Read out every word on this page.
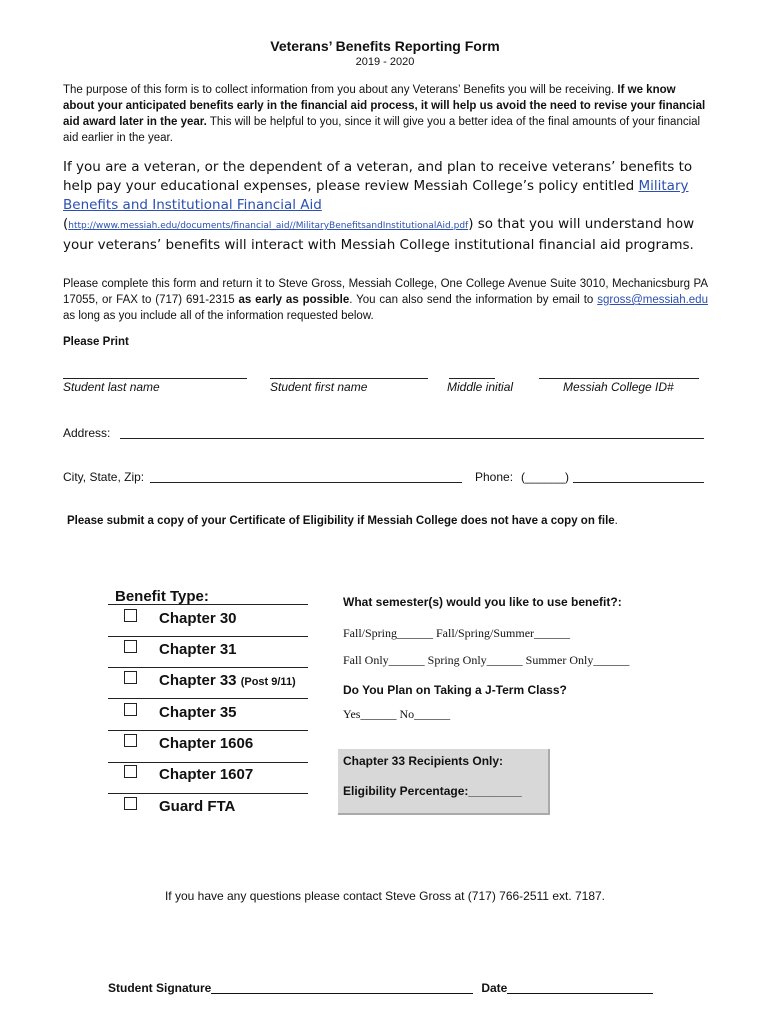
Veterans’ Benefits Reporting Form
2019 - 2020
The purpose of this form is to collect information from you about any Veterans’ Benefits you will be receiving. If we know about your anticipated benefits early in the financial aid process, it will help us avoid the need to revise your financial aid award later in the year. This will be helpful to you, since it will give you a better idea of the final amounts of your financial aid earlier in the year.
If you are a veteran, or the dependent of a veteran, and plan to receive veterans’ benefits to help pay your educational expenses, please review Messiah College’s policy entitled Military Benefits and Institutional Financial Aid (http://www.messiah.edu/documents/financial_aid//MilitaryBenefitsandInstitutionalAid.pdf) so that you will understand how your veterans’ benefits will interact with Messiah College institutional financial aid programs.
Please complete this form and return it to Steve Gross, Messiah College, One College Avenue Suite 3010, Mechanicsburg PA 17055, or FAX to (717) 691-2315 as early as possible. You can also send the information by email to sgross@messiah.edu as long as you include all of the information requested below.
Please Print
Student last name	Student first name	Middle initial	Messiah College ID#
Address:
City, State, Zip:	Phone: (______)
Please submit a copy of your Certificate of Eligibility if Messiah College does not have a copy on file.
Benefit Type:
Chapter 30
Chapter 31
Chapter 33 (Post 9/11)
Chapter 35
Chapter 1606
Chapter 1607
Guard FTA
What semester(s) would you like to use benefit?:
Fall/Spring______ Fall/Spring/Summer______
Fall Only______ Spring Only______ Summer Only______
Do You Plan on Taking a J-Term Class?
Yes______ No______
Chapter 33 Recipients Only:
Eligibility Percentage:________
If you have any questions please contact Steve Gross at (717) 766-2511 ext. 7187.
Student Signature	Date
